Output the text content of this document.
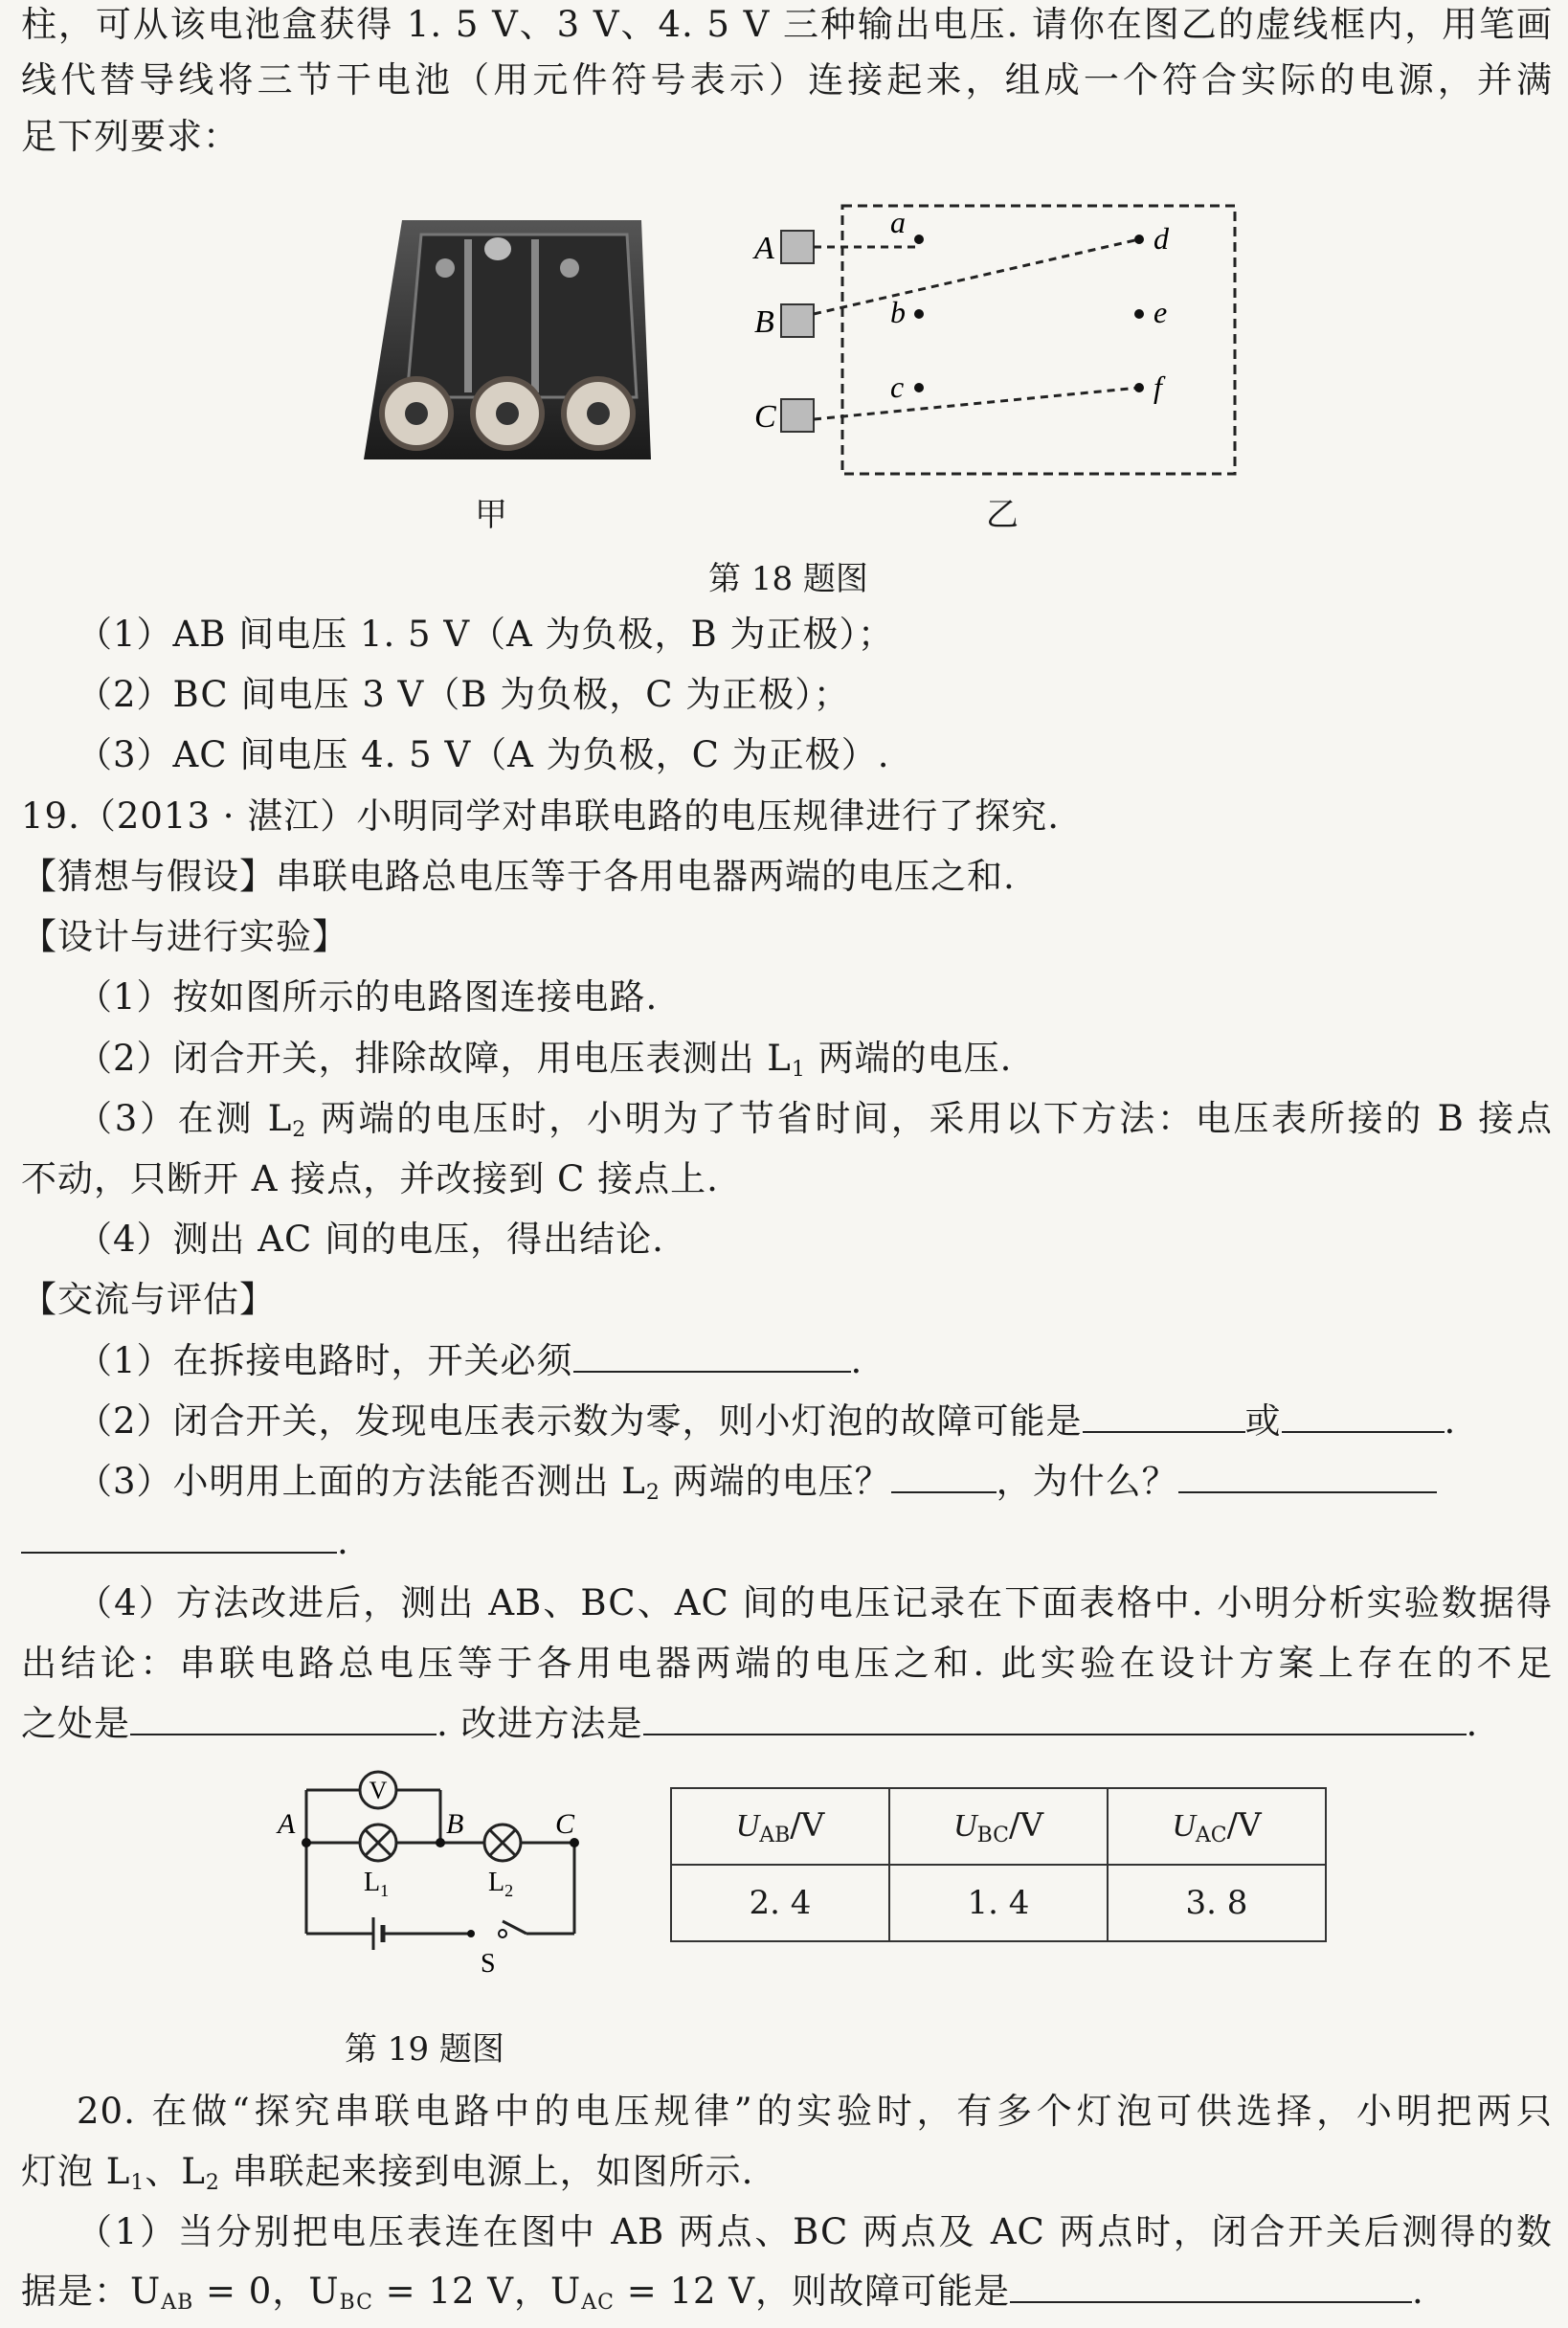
柱，可从该电池盒获得 1. 5 V、3 V、4. 5 V 三种输出电压. 请你在图乙的虚线框内，用笔画
线代替导线将三节干电池（用元件符号表示）连接起来，组成一个符合实际的电源，并满
足下列要求：
甲
A
B
C
a
b
c
d
e
f
乙
第 18 题图
（1）AB 间电压 1. 5 V（A 为负极，B 为正极）；
（2）BC 间电压 3 V（B 为负极，C 为正极）；
（3）AC 间电压 4. 5 V（A 为负极，C 为正极）.
19.（2013 · 湛江）小明同学对串联电路的电压规律进行了探究.
【猜想与假设】串联电路总电压等于各用电器两端的电压之和.
【设计与进行实验】
（1）按如图所示的电路图连接电路.
（2）闭合开关，排除故障，用电压表测出 $L_1$ 两端的电压.
（3）在测 $L_2$ 两端的电压时，小明为了节省时间，采用以下方法：电压表所接的 B 接点
不动，只断开 A 接点，并改接到 C 接点上.
（4）测出 AC 间的电压，得出结论.
【交流与评估】
（1）在拆接电路时，开关必须	.
（2）闭合开关，发现电压表示数为零，则小灯泡的故障可能是	或	.
（3）小明用上面的方法能否测出 $L_2$ 两端的电压？	，为什么？
.
（4）方法改进后，测出 AB、BC、AC 间的电压记录在下面表格中. 小明分析实验数据得
出结论：串联电路总电压等于各用电器两端的电压之和. 此实验在设计方案上存在的不足
之处是	. 改进方法是	.
V
A	B	C
$L_1$	$L_2$
S
$U_{AB}/V$	$U_{BC}/V$	$U_{AC}/V$
2. 4	1. 4	3. 8
第 19 题图
20. 在做“探究串联电路中的电压规律”的实验时，有多个灯泡可供选择，小明把两只
灯泡 $L_1$、$L_2$ 串联起来接到电源上，如图所示.
（1）当分别把电压表连在图中 AB 两点、BC 两点及 AC 两点时，闭合开关后测得的数
据是：$U_{AB} = 0$，$U_{BC} = 12$ V，$U_{AC} = 12$ V，则故障可能是	.
